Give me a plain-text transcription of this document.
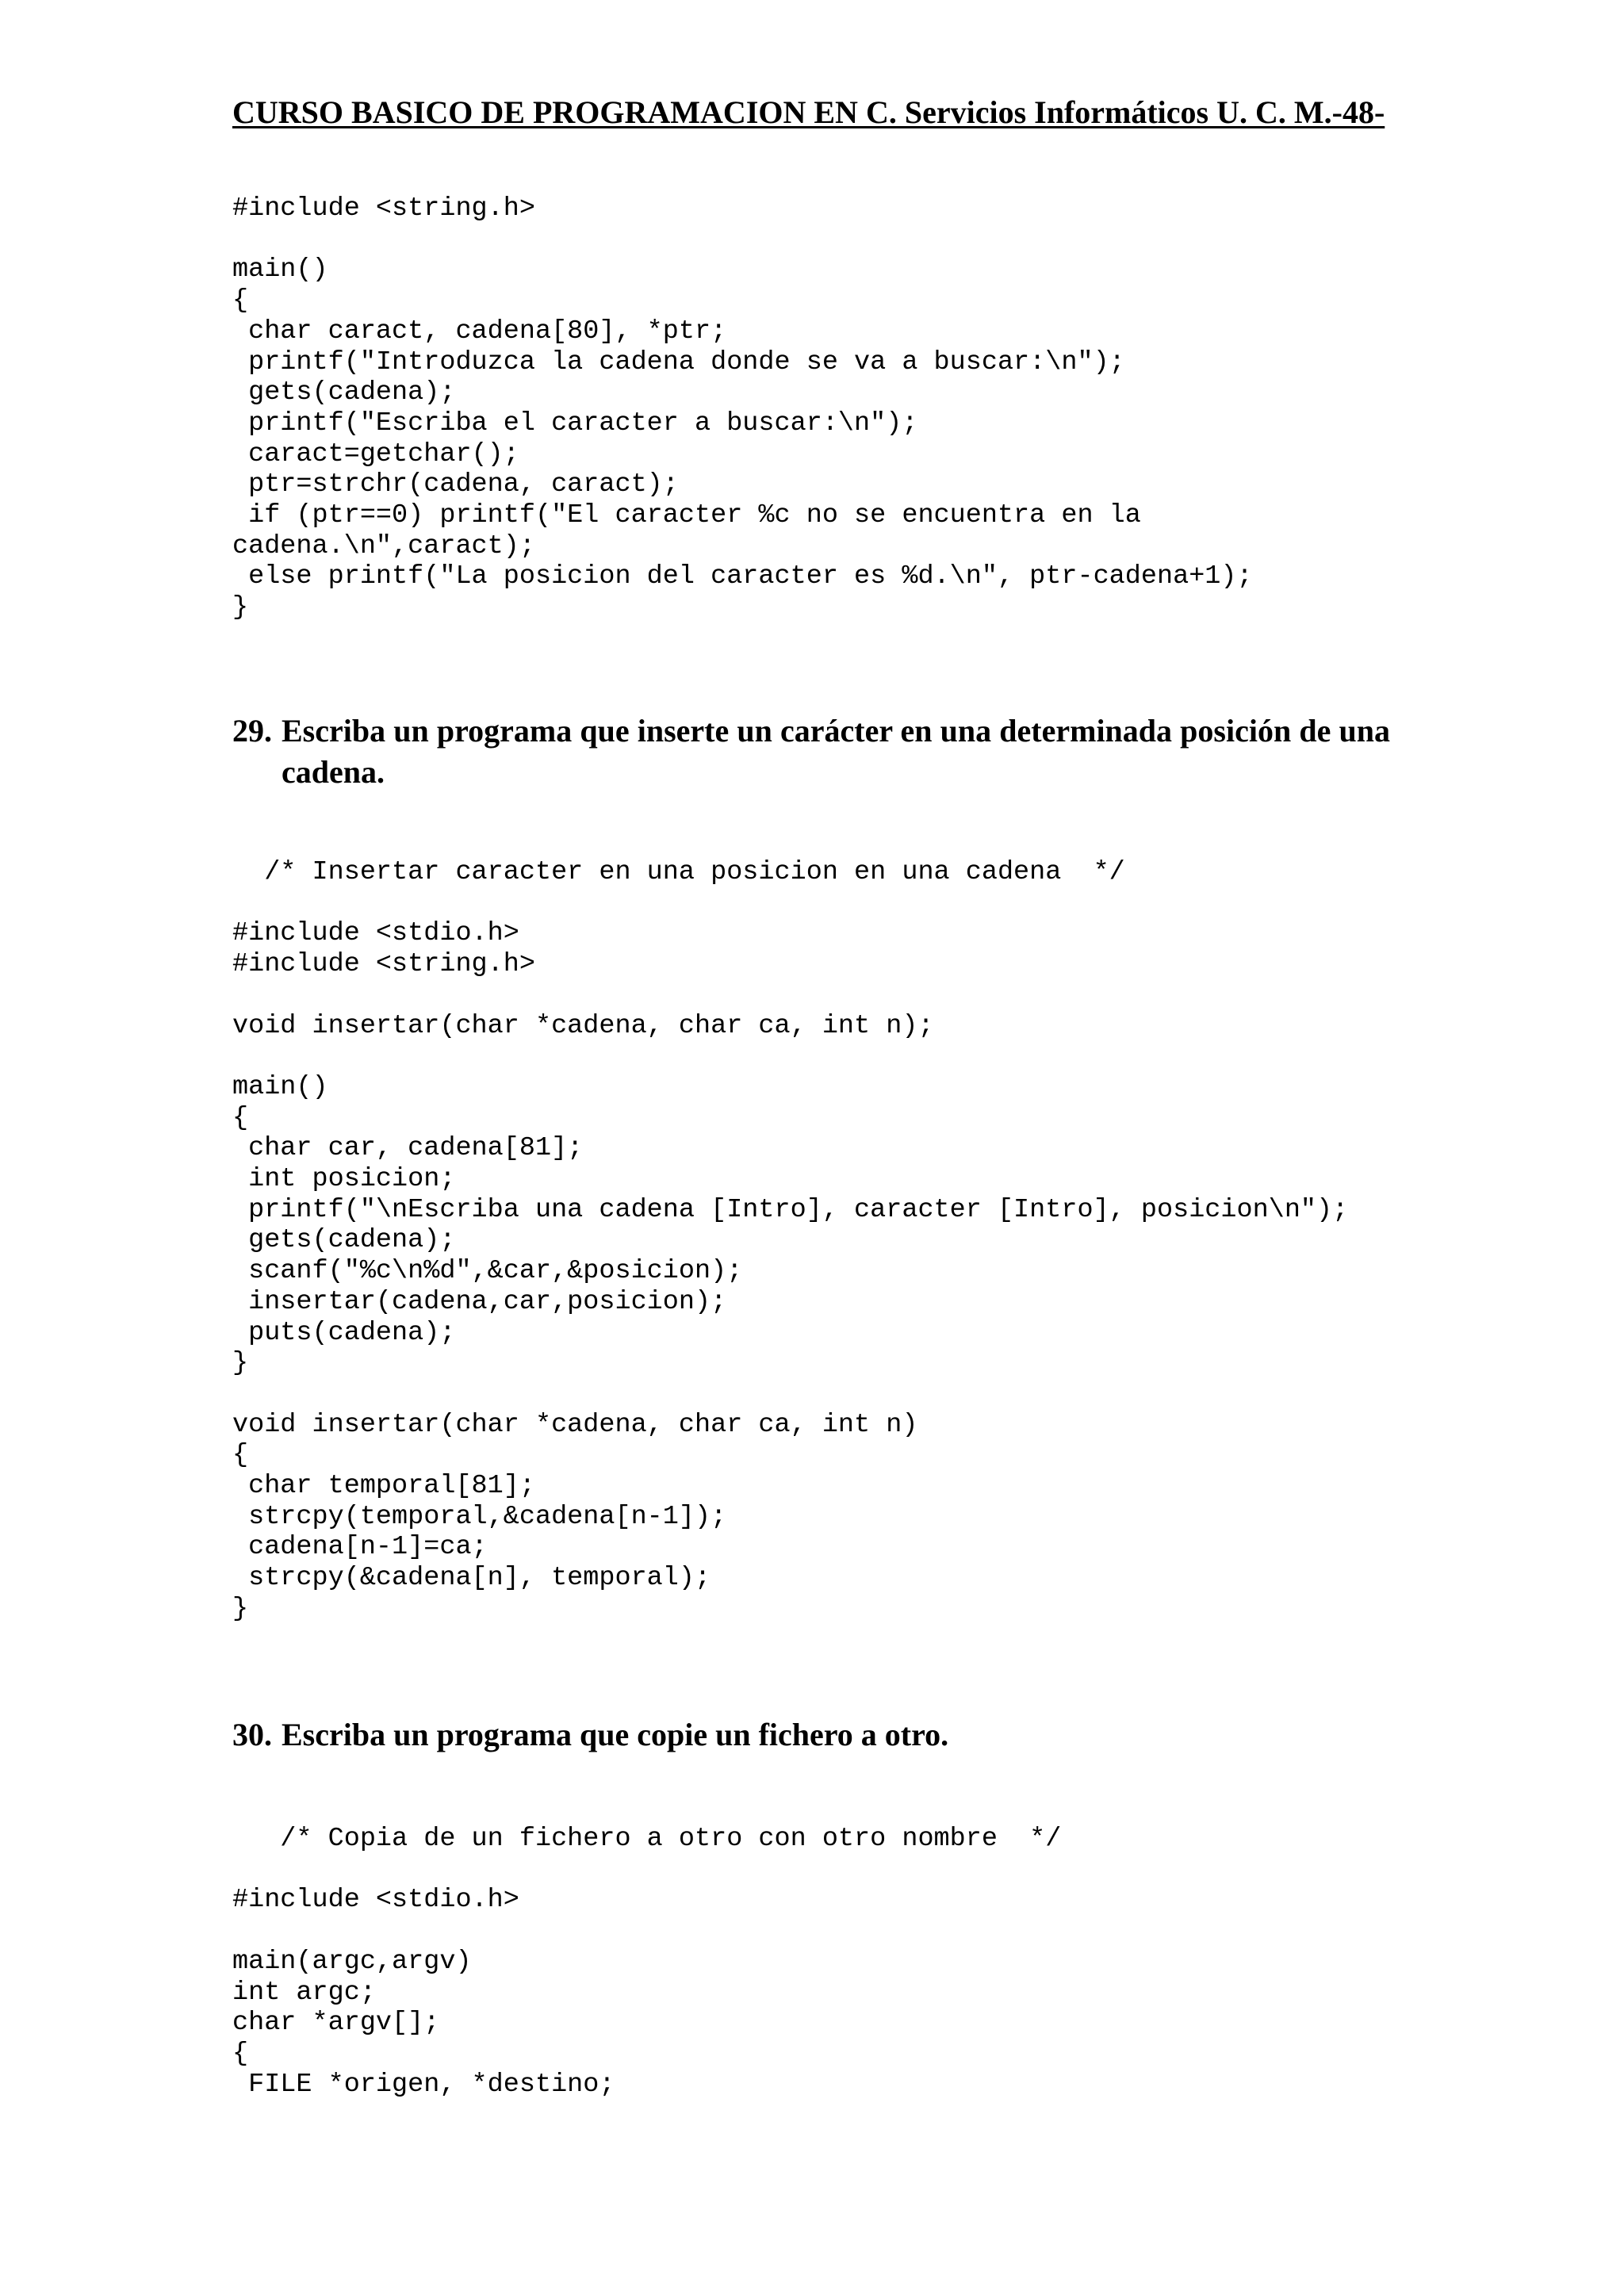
CURSO BASICO DE PROGRAMACION EN C. Servicios Informáticos U. C. M.-48-
#include <string.h>

main()
{
char caract, cadena[80], *ptr;
printf("Introduzca la cadena donde se va a buscar:\n");
gets(cadena);
printf("Escriba el caracter a buscar:\n");
caract=getchar();
ptr=strchr(cadena, caract);
if (ptr==0) printf("El caracter %c no se encuentra en la
cadena.\n",caract);
else printf("La posicion del caracter es %d.\n", ptr-cadena+1);
}
29. Escriba un programa que inserte un carácter en una determinada posición de una cadena.
/* Insertar caracter en una posicion en una cadena  */

#include <stdio.h>
#include <string.h>

void insertar(char *cadena, char ca, int n);

main()
{
char car, cadena[81];
int posicion;
printf("\nEscriba una cadena [Intro], caracter [Intro], posicion\n");
gets(cadena);
scanf("%c\n%d",&car,&posicion);
insertar(cadena,car,posicion);
puts(cadena);
}

void insertar(char *cadena, char ca, int n)
{
char temporal[81];
strcpy(temporal,&cadena[n-1]);
cadena[n-1]=ca;
strcpy(&cadena[n], temporal);
}
30. Escriba un programa que copie un fichero a otro.
/* Copia de un fichero a otro con otro nombre  */

#include <stdio.h>

main(argc,argv)
int argc;
char *argv[];
{
FILE *origen, *destino;
